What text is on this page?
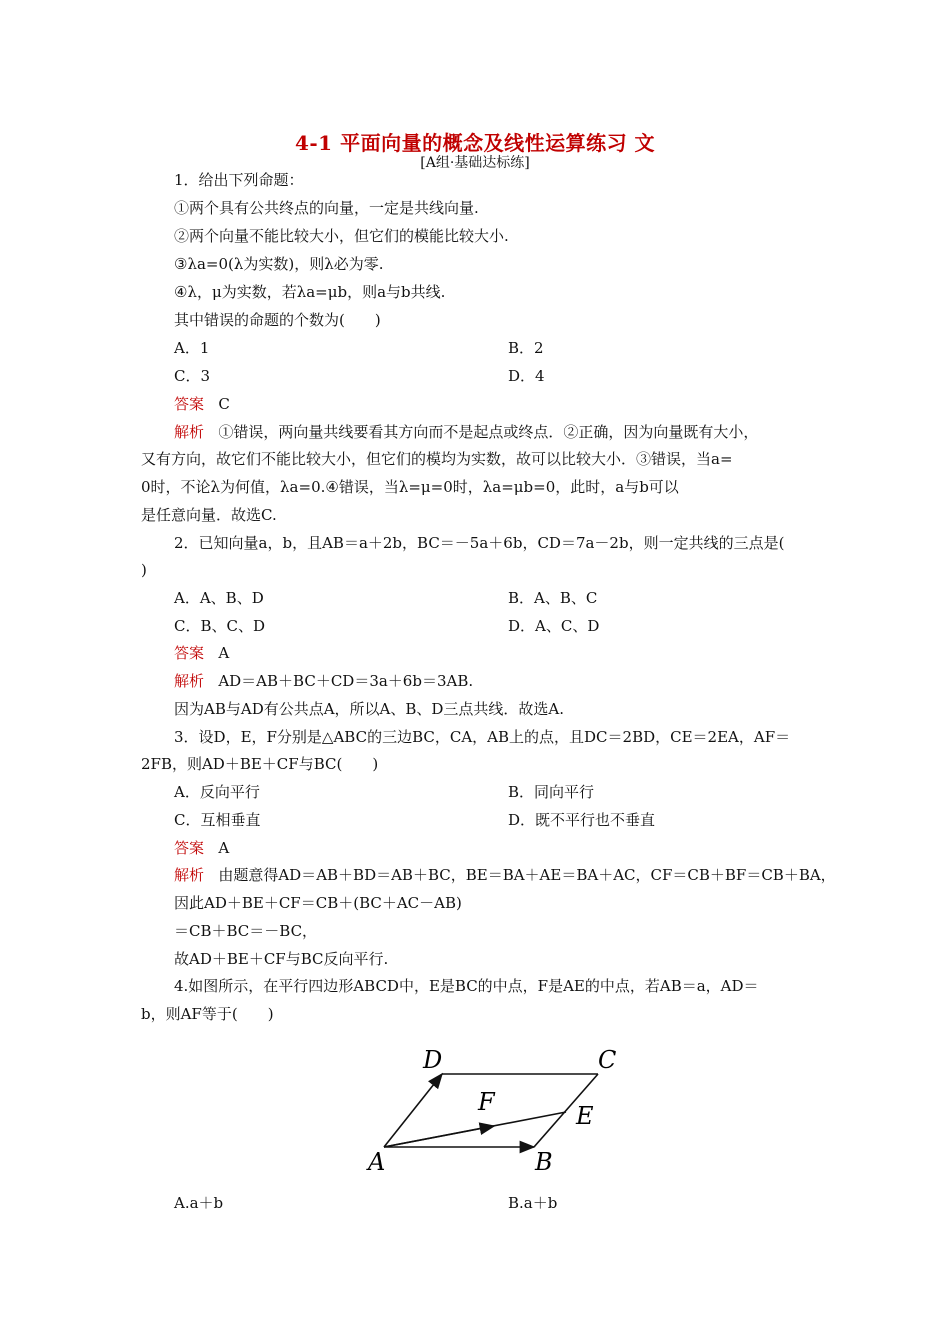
4-1 平面向量的概念及线性运算练习 文
[A组·基础达标练]
1．给出下列命题：
①两个具有公共终点的向量，一定是共线向量.
②两个向量不能比较大小，但它们的模能比较大小.
③λa=0(λ为实数)，则λ必为零.
④λ，μ为实数，若λa=μb，则a与b共线.
其中错误的命题的个数为(　　)
A．1	B．2
C．3	D．4
答案 C
解析 ①错误，两向量共线要看其方向而不是起点或终点．②正确，因为向量既有大小，
又有方向，故它们不能比较大小，但它们的模均为实数，故可以比较大小．③错误，当a=
0时，不论λ为何值，λa=0.④错误，当λ=μ=0时，λa=μb=0，此时，a与b可以
是任意向量．故选C.
2．已知向量a，b，且AB＝a＋2b，BC＝－5a＋6b，CD＝7a－2b，则一定共线的三点是(
)
A．A、B、D	B．A、B、C
C．B、C、D	D．A、C、D
答案 A
解析 AD＝AB＋BC＋CD＝3a＋6b＝3AB.
因为AB与AD有公共点A，所以A、B、D三点共线．故选A.
3．设D，E，F分别是△ABC的三边BC，CA，AB上的点，且DC＝2BD，CE＝2EA，AF＝
2FB，则AD＋BE＋CF与BC(　　)
A．反向平行	B．同向平行
C．互相垂直	D．既不平行也不垂直
答案 A
解析 由题意得AD＝AB＋BD＝AB＋BC，BE＝BA＋AE＝BA＋AC，CF＝CB＋BF＝CB＋BA，
因此AD＋BE＋CF＝CB＋(BC＋AC－AB)
＝CB＋BC＝－BC，
故AD＋BE＋CF与BC反向平行.
4.如图所示，在平行四边形ABCD中，E是BC的中点，F是AE的中点，若AB＝a，AD＝
b，则AF等于(　　)
A	B
C
D
E
F
A.a＋b	B.a＋b
